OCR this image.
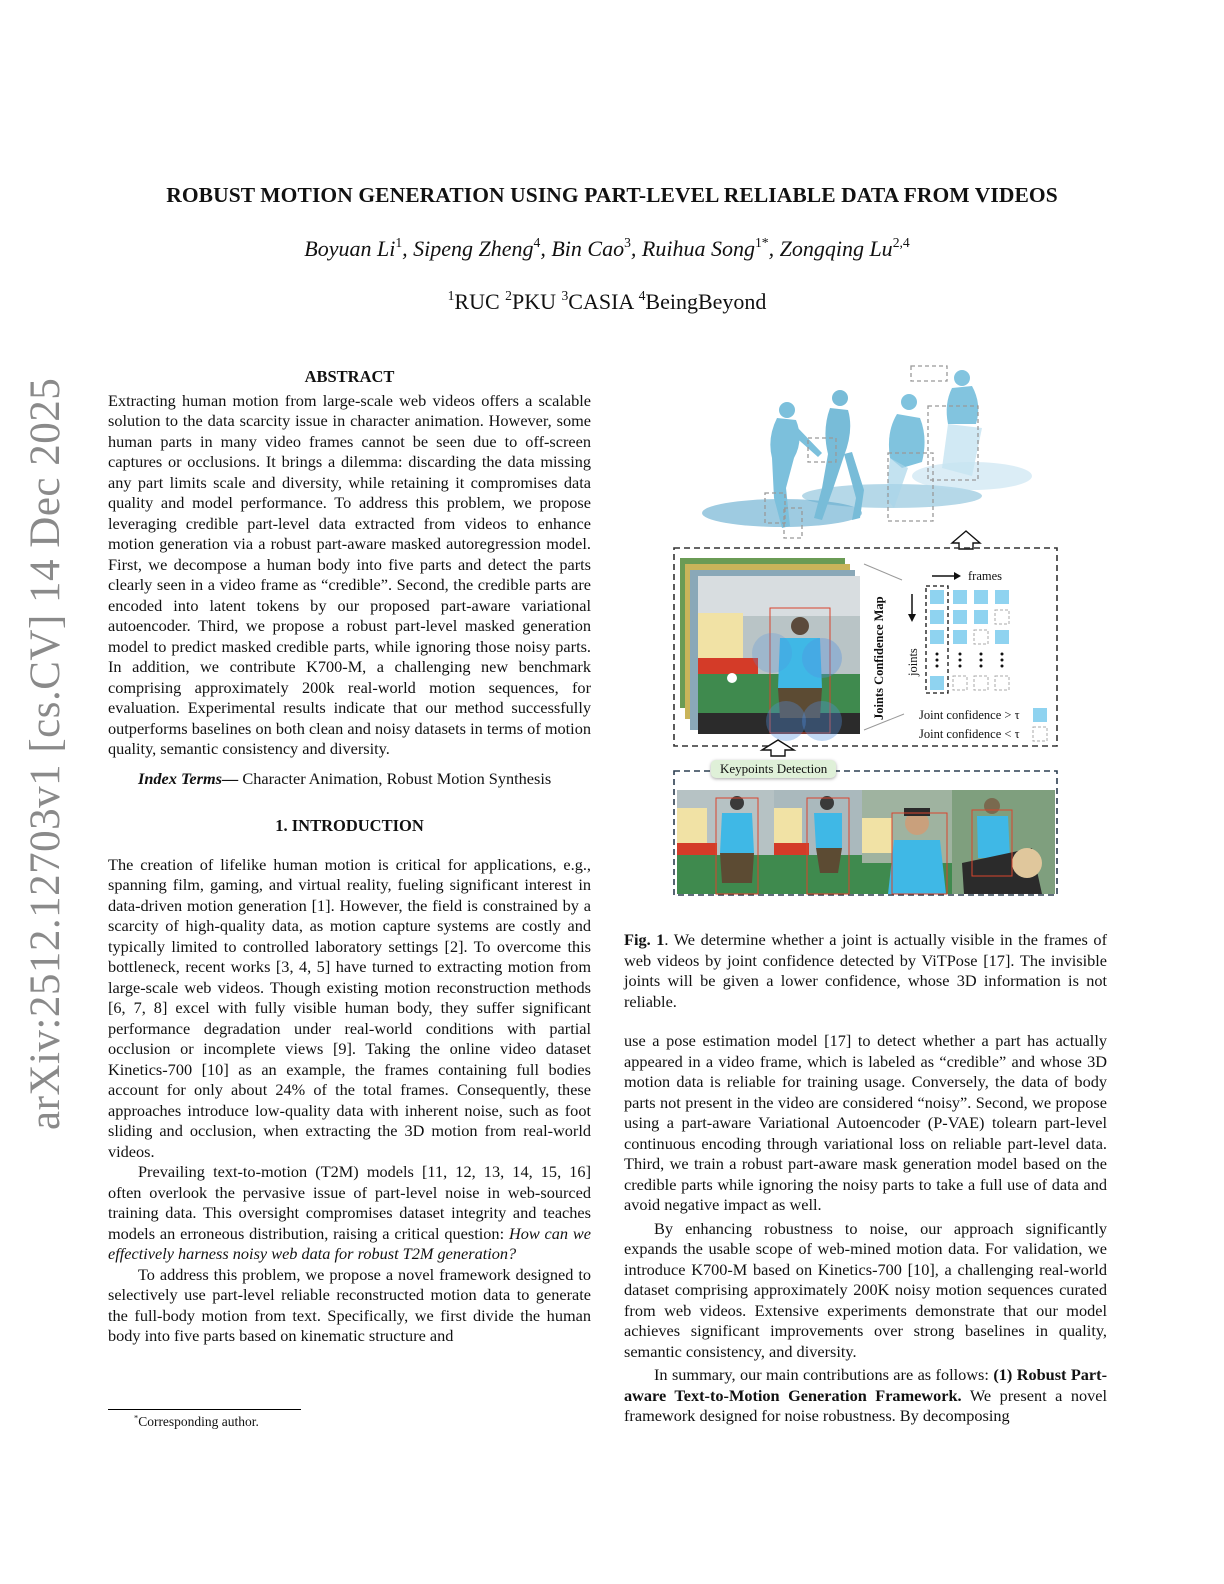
arXiv:2512.12703v1 [cs.CV] 14 Dec 2025
ROBUST MOTION GENERATION USING PART-LEVEL RELIABLE DATA FROM VIDEOS
Boyuan Li$^1$, Sipeng Zheng$^4$, Bin Cao$^3$, Ruihua Song$^{1*}$, Zongqing Lu$^{2,4}$
$^1$RUC $^2$PKU $^3$CASIA $^4$BeingBeyond

ABSTRACT

Extracting human motion from large-scale web videos offers a scalable solution to the data scarcity issue in character animation. However, some human parts in many video frames cannot be seen due to off-screen captures or occlusions. It brings a dilemma: discarding the data missing any part limits scale and diversity, while retaining it compromises data quality and model performance. To address this problem, we propose leveraging credible part-level data extracted from videos to enhance motion generation via a robust part-aware masked autoregression model. First, we decompose a human body into five parts and detect the parts clearly seen in a video frame as “credible”. Second, the credible parts are encoded into latent tokens by our proposed part-aware variational autoencoder. Third, we propose a robust part-level masked generation model to predict masked credible parts, while ignoring those noisy parts. In addition, we contribute K700-M, a challenging new benchmark comprising approximately 200k real-world motion sequences, for evaluation. Experimental results indicate that our method successfully outperforms baselines on both clean and noisy datasets in terms of motion quality, semantic consistency and diversity.

Index Terms— Character Animation, Robust Motion Synthesis

1. INTRODUCTION

The creation of lifelike human motion is critical for applications, e.g., spanning film, gaming, and virtual reality, fueling significant interest in data-driven motion generation [1]. However, the field is constrained by a scarcity of high-quality data, as motion capture systems are costly and typically limited to controlled laboratory settings [2]. To overcome this bottleneck, recent works [3, 4, 5] have turned to extracting motion from large-scale web videos. Though existing motion reconstruction methods [6, 7, 8] excel with fully visible human body, they suffer significant performance degradation under real-world conditions with partial occlusion or incomplete views [9]. Taking the online video dataset Kinetics-700 [10] as an example, the frames containing full bodies account for only about 24% of the total frames. Consequently, these approaches introduce low-quality data with inherent noise, such as foot sliding and occlusion, when extracting the 3D motion from real-world videos.

Prevailing text-to-motion (T2M) models [11, 12, 13, 14, 15, 16] often overlook the pervasive issue of part-level noise in web-sourced training data. This oversight compromises dataset integrity and teaches models an erroneous distribution, raising a critical question: How can we effectively harness noisy web data for robust T2M generation?

To address this problem, we propose a novel framework designed to selectively use part-level reliable reconstructed motion data to generate the full-body motion from text. Specifically, we first divide the human body into five parts based on kinematic structure and

*Corresponding author.
Joints Confidence Map
frames
joints
Joint confidence > τ
Joint confidence < τ
Keypoints Detection
Fig. 1. We determine whether a joint is actually visible in the frames of web videos by joint confidence detected by ViTPose [17]. The invisible joints will be given a lower confidence, whose 3D information is not reliable.

use a pose estimation model [17] to detect whether a part has actually appeared in a video frame, which is labeled as “credible” and whose 3D motion data is reliable for training usage. Conversely, the data of body parts not present in the video are considered “noisy”. Second, we propose using a part-aware Variational Autoencoder (P-VAE) tolearn part-level continuous encoding through variational loss on reliable part-level data. Third, we train a robust part-aware mask generation model based on the credible parts while ignoring the noisy parts to take a full use of data and avoid negative impact as well.

By enhancing robustness to noise, our approach significantly expands the usable scope of web-mined motion data. For validation, we introduce K700-M based on Kinetics-700 [10], a challenging real-world dataset comprising approximately 200K noisy motion sequences curated from web videos. Extensive experiments demonstrate that our model achieves significant improvements over strong baselines in quality, semantic consistency, and diversity.

In summary, our main contributions are as follows: (1) Robust Part-aware Text-to-Motion Generation Framework. We present a novel framework designed for noise robustness. By decomposing
